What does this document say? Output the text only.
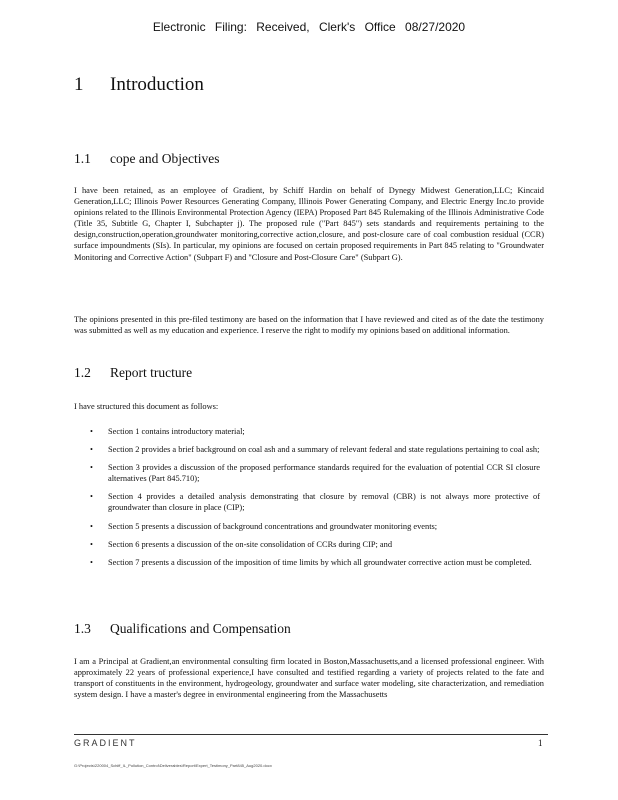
Electronic Filing: Received, Clerk's Office 08/27/2020
1 Introduction
1.1 cope and Objectives

I have been retained, as an employee of Gradient, by Schiff Hardin on behalf of Dynegy Midwest Generation,LLC; Kincaid Generation,LLC; Illinois Power Resources Generating Company, Illinois Power Generating Company, and Electric Energy Inc.to provide opinions related to the Illinois Environmental Protection Agency (IEPA) Proposed Part 845 Rulemaking of the Illinois Administrative Code (Title 35, Subtitle G, Chapter I, Subchapter j). The proposed rule ("Part 845") sets standards and requirements pertaining to the design,construction,operation,groundwater monitoring,corrective action,closure, and post-closure care of coal combustion residual (CCR) surface impoundments (SIs). In particular, my opinions are focused on certain proposed requirements in Part 845 relating to "Groundwater Monitoring and Corrective Action" (Subpart F) and "Closure and Post-Closure Care" (Subpart G).

The opinions presented in this pre-filed testimony are based on the information that I have reviewed and cited as of the date the testimony was submitted as well as my education and experience. I reserve the right to modify my opinions based on additional information.

1.2 Report tructure

I have structured this document as follows:

• Section 1 contains introductory material;
• Section 2 provides a brief background on coal ash and a summary of relevant federal and state regulations pertaining to coal ash;
• Section 3 provides a discussion of the proposed performance standards required for the evaluation of potential CCR SI closure alternatives (Part 845.710);
• Section 4 provides a detailed analysis demonstrating that closure by removal (CBR) is not always more protective of groundwater than closure in place (CIP);
• Section 5 presents a discussion of background concentrations and groundwater monitoring events;
• Section 6 presents a discussion of the on-site consolidation of CCRs during CIP; and
• Section 7 presents a discussion of the imposition of time limits by which all groundwater corrective action must be completed.
1.3 Qualifications and Compensation

I am a Principal at Gradient,an environmental consulting firm located in Boston,Massachusetts,and a licensed professional engineer. With approximately 22 years of professional experience,I have consulted and testified regarding a variety of projects related to the fate and transport of constituents in the environment, hydrogeology, groundwater and surface water modeling, site characterization, and remediation system design. I have a master's degree in environmental engineering from the Massachusetts

GRADIENT	1
G:\Projects\220004_Schiff_IL_Pollution_Control\Deliverables\Report\Expert_Testimony_Part845_Aug2020.docx
